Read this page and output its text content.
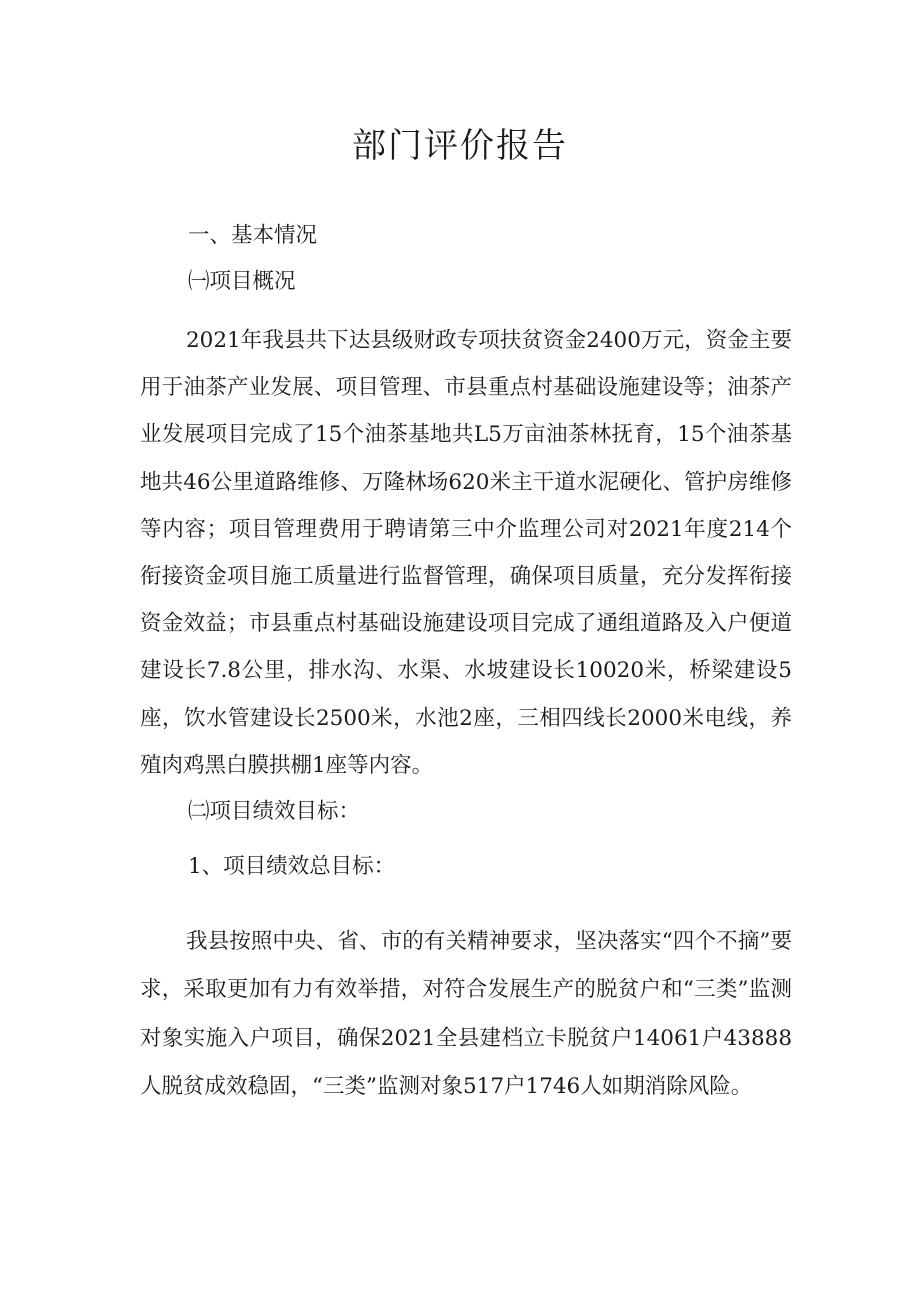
部门评价报告
一、基本情况
㈠项目概况

2021年我县共下达县级财政专项扶贫资金2400万元，资金主要用于油茶产业发展、项目管理、市县重点村基础设施建设等；油茶产业发展项目完成了15个油茶基地共L5万亩油茶林抚育，15个油茶基地共46公里道路维修、万隆林场620米主干道水泥硬化、管护房维修等内容；项目管理费用于聘请第三中介监理公司对2021年度214个衔接资金项目施工质量进行监督管理，确保项目质量，充分发挥衔接资金效益；市县重点村基础设施建设项目完成了通组道路及入户便道建设长7.8公里，排水沟、水渠、水坡建设长10020米，桥梁建设5座，饮水管建设长2500米，水池2座，三相四线长2000米电线，养殖肉鸡黑白膜拱棚1座等内容。

㈡项目绩效目标：
1、项目绩效总目标：

我县按照中央、省、市的有关精神要求，坚决落实“四个不摘”要求，采取更加有力有效举措，对符合发展生产的脱贫户和“三类”监测对象实施入户项目，确保2021全县建档立卡脱贫户14061户43888人脱贫成效稳固，“三类”监测对象517户1746人如期消除风险。
